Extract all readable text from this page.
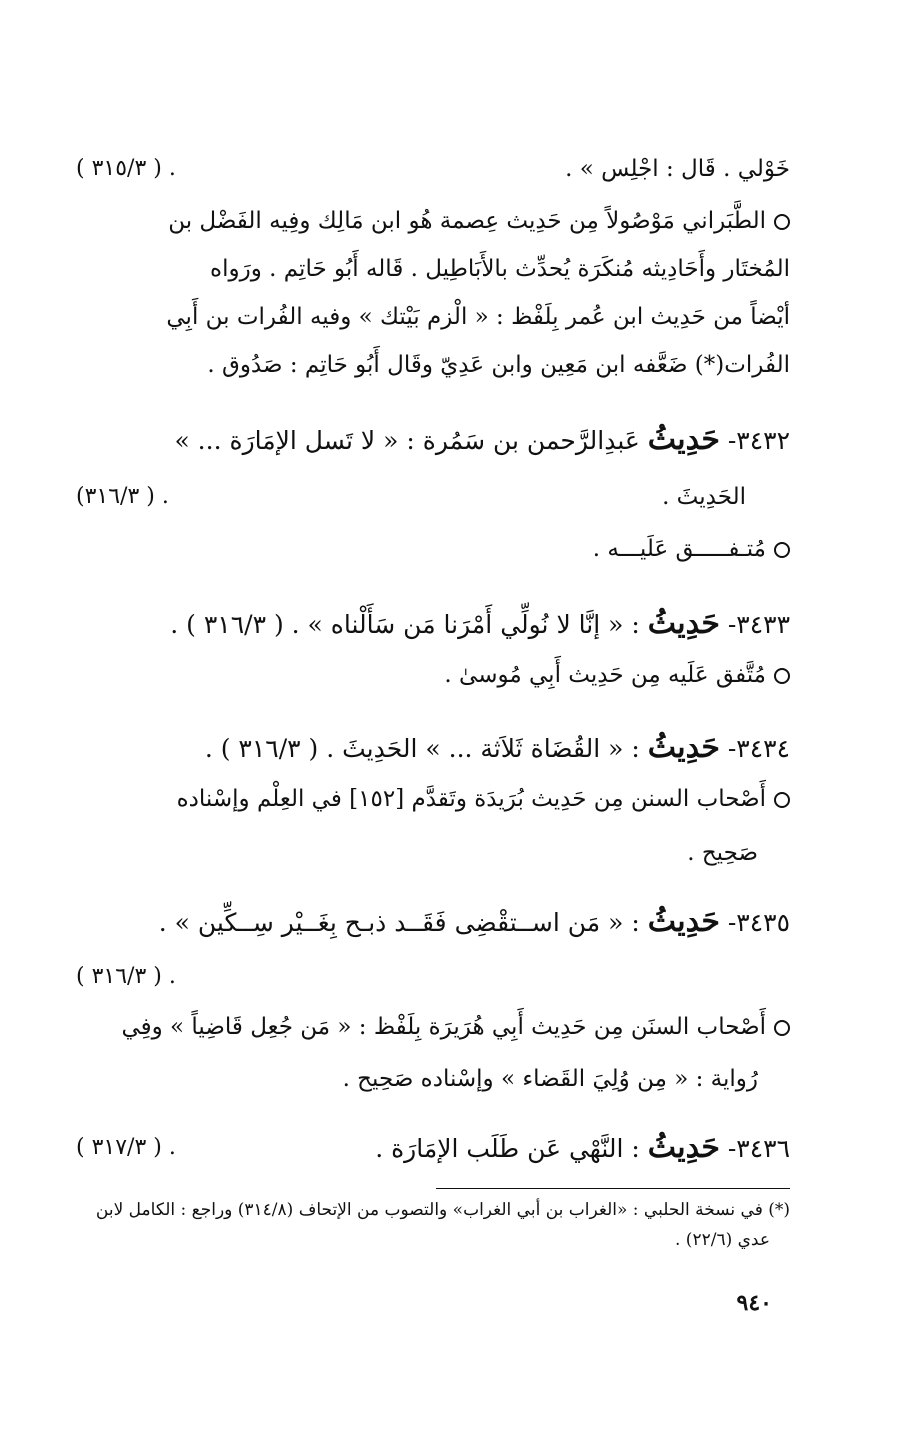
خَوْلي . قَال : اجْلِس » .
. ( ٣١٥/٣ )
الطَّبَراني مَوْصُولاً مِن حَدِيث عِصمة هُو ابن مَالِك وفِيه الفَضْل بن
المُختَار وأَحَادِيثه مُنكَرَة يُحدِّث بالأَبَاطِيل . قَاله أَبُو حَاتِم . ورَواه
أيْضاً من حَدِيث ابن عُمر بِلَفْظ : « الْزم بَيْتك » وفيه الفُرات بن أَبِي
الفُرات(*) ضَعَّفه ابن مَعِين وابن عَدِيّ وقَال أَبُو حَاتِم : صَدُوق .
٣٤٣٢- حَدِيثُ عَبدِالرَّحمن بن سَمُرة : « لا تَسل الإمَارَة ... »
الحَدِيثَ .
. ( ٣١٦/٣)
مُتـفـــــق عَلَيـــه .
٣٤٣٣- حَدِيثُ : « إنَّا لا نُولِّي أَمْرَنا مَن سَأَلْناه » . ( ٣١٦/٣ ) .
مُتَّفق عَلَيه مِن حَدِيث أَبِي مُوسىٰ .
٣٤٣٤- حَدِيثُ : « القُضَاة ثَلاَثة ... » الحَدِيثَ . ( ٣١٦/٣ ) .
أَصْحاب السنن مِن حَدِيث بُرَيدَة وتَقدَّم [١٥٢] في العِلْم وإسْناده
صَحِيح .
٣٤٣٥- حَدِيثُ : « مَن اســتقْضِى فَقَــد ذبـح بِغَــيْر سِــكِّين » .
. ( ٣١٦/٣ )
أَصْحاب السنَن مِن حَدِيث أَبِي هُرَيرَة بِلَفْظ : « مَن جُعِل قَاضِياً » وفِي
رُواية : « مِن وُلِيَ القَضاء » وإسْناده صَحِيح .
٣٤٣٦- حَدِيثُ : النَّهْي عَن طَلَب الإمَارَة .
. ( ٣١٧/٣ )
(*) في نسخة الحلبي : «الغراب بن أبي الغراب» والتصوب من الإتحاف (٣١٤/٨) وراجع : الكامل لابن
عدي (٢٢/٦) .
٩٤٠
